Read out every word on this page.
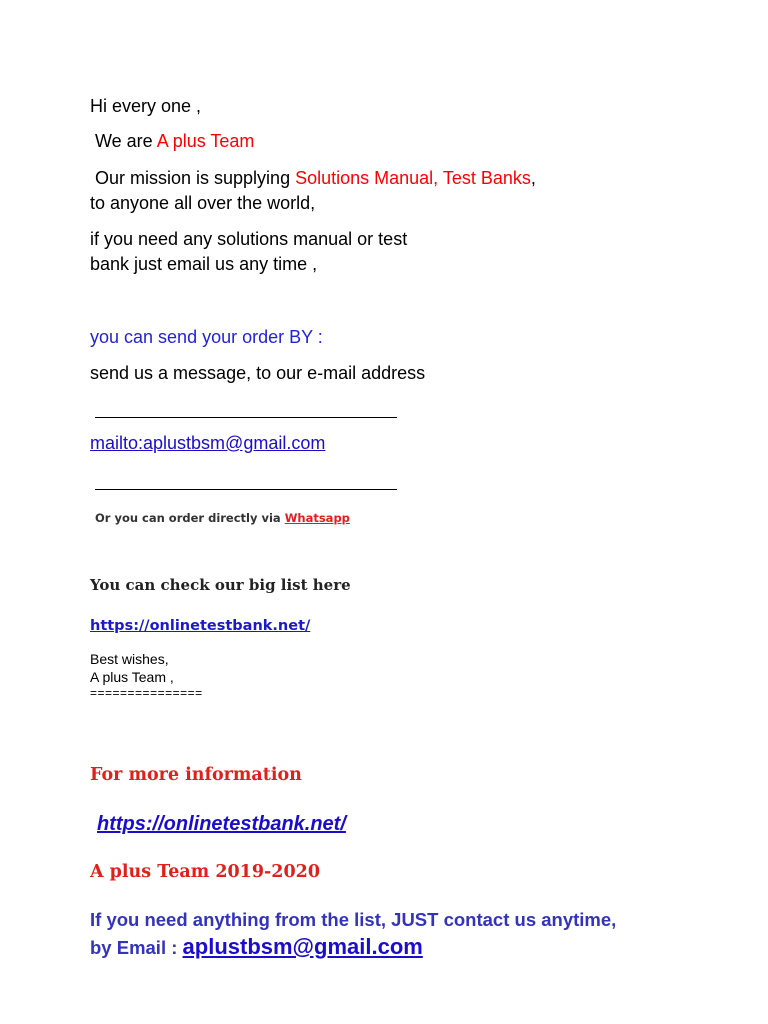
Hi every one ,
We are A plus Team
Our mission is supplying Solutions Manual, Test Banks,
to anyone all over the world,
if you need any solutions manual or test
bank just email us any time ,
you can send your order BY :
send us a message, to our e-mail address
mailto:aplustbsm@gmail.com
Or you can order directly via Whatsapp
You can check our big list here
https://onlinetestbank.net/
Best wishes,
A plus Team ,
===============
For more information
https://onlinetestbank.net/
A plus Team 2019-2020
If you need anything from the list, JUST contact us anytime,
by Email : aplustbsm@gmail.com
